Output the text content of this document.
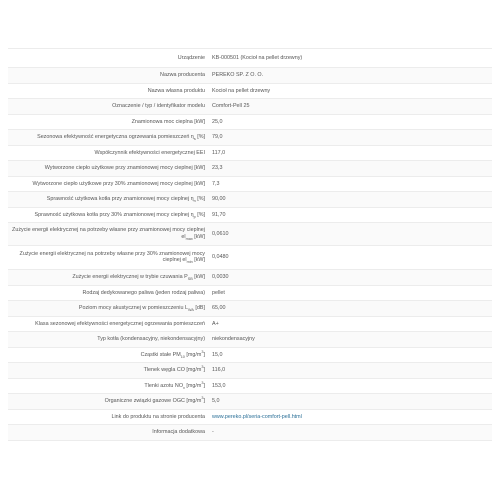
Urządzenie	KB-000501 (Kocioł na pellet drzewny)
Nazwa producenta	PEREKO SP. Z O. O.
Nazwa własna produktu	Kocioł na pellet drzewny
Oznaczenie / typ / identyfikator modelu	Comfort-Pell 25
Znamionowa moc cieplna [kW]	25,0
Sezonowa efektywność energetyczna ogrzewania pomieszczeń $\eta_s$ [%]	79,0
Współczynnik efektywności energetycznej EEI	117,0
Wytworzone ciepło użytkowe przy znamionowej mocy cieplnej [kW]	23,3
Wytworzone ciepło użytkowe przy 30% znamionowej mocy cieplnej [kW]	7,3
Sprawność użytkowa kotła przy znamionowej mocy cieplnej $\eta_n$ [%]	90,00
Sprawność użytkowa kotła przy 30% znamionowej mocy cieplnej $\eta_p$ [%]	91,70
Zużycie energii elektrycznej na potrzeby własne przy znamionowej mocy cieplnej $el_{max}$ [kW]	0,0610
Zużycie energii elektrycznej na potrzeby własne przy 30% znamionowej mocy cieplnej $el_{min}$ [kW]	0,0480
Zużycie energii elektrycznej w trybie czuwania $P_{SB}$ [kW]	0,0030
Rodzaj dedykowanego paliwa (jeden rodzaj paliwa)	pellet
Poziom mocy akustycznej w pomieszczeniu $L_{WA}$ [dB]	65,00
Klasa sezonowej efektywności energetycznej ogrzewania pomieszczeń	A+
Typ kotła (kondensacyjny, niekondensacyjny)	niekondensacyjny
Cząstki stałe $PM_{10}$ $[mg/m^3]$	15,0
Tlenek węgla CO $[mg/m^3]$	116,0
Tlenki azotu $NO_x$ $[mg/m^3]$	153,0
Organiczne związki gazowe OGC $[mg/m^3]$	5,0
Link do produktu na stronie producenta	www.pereko.pl/seria-comfort-pell.html
Informacja dodatkowa	-
